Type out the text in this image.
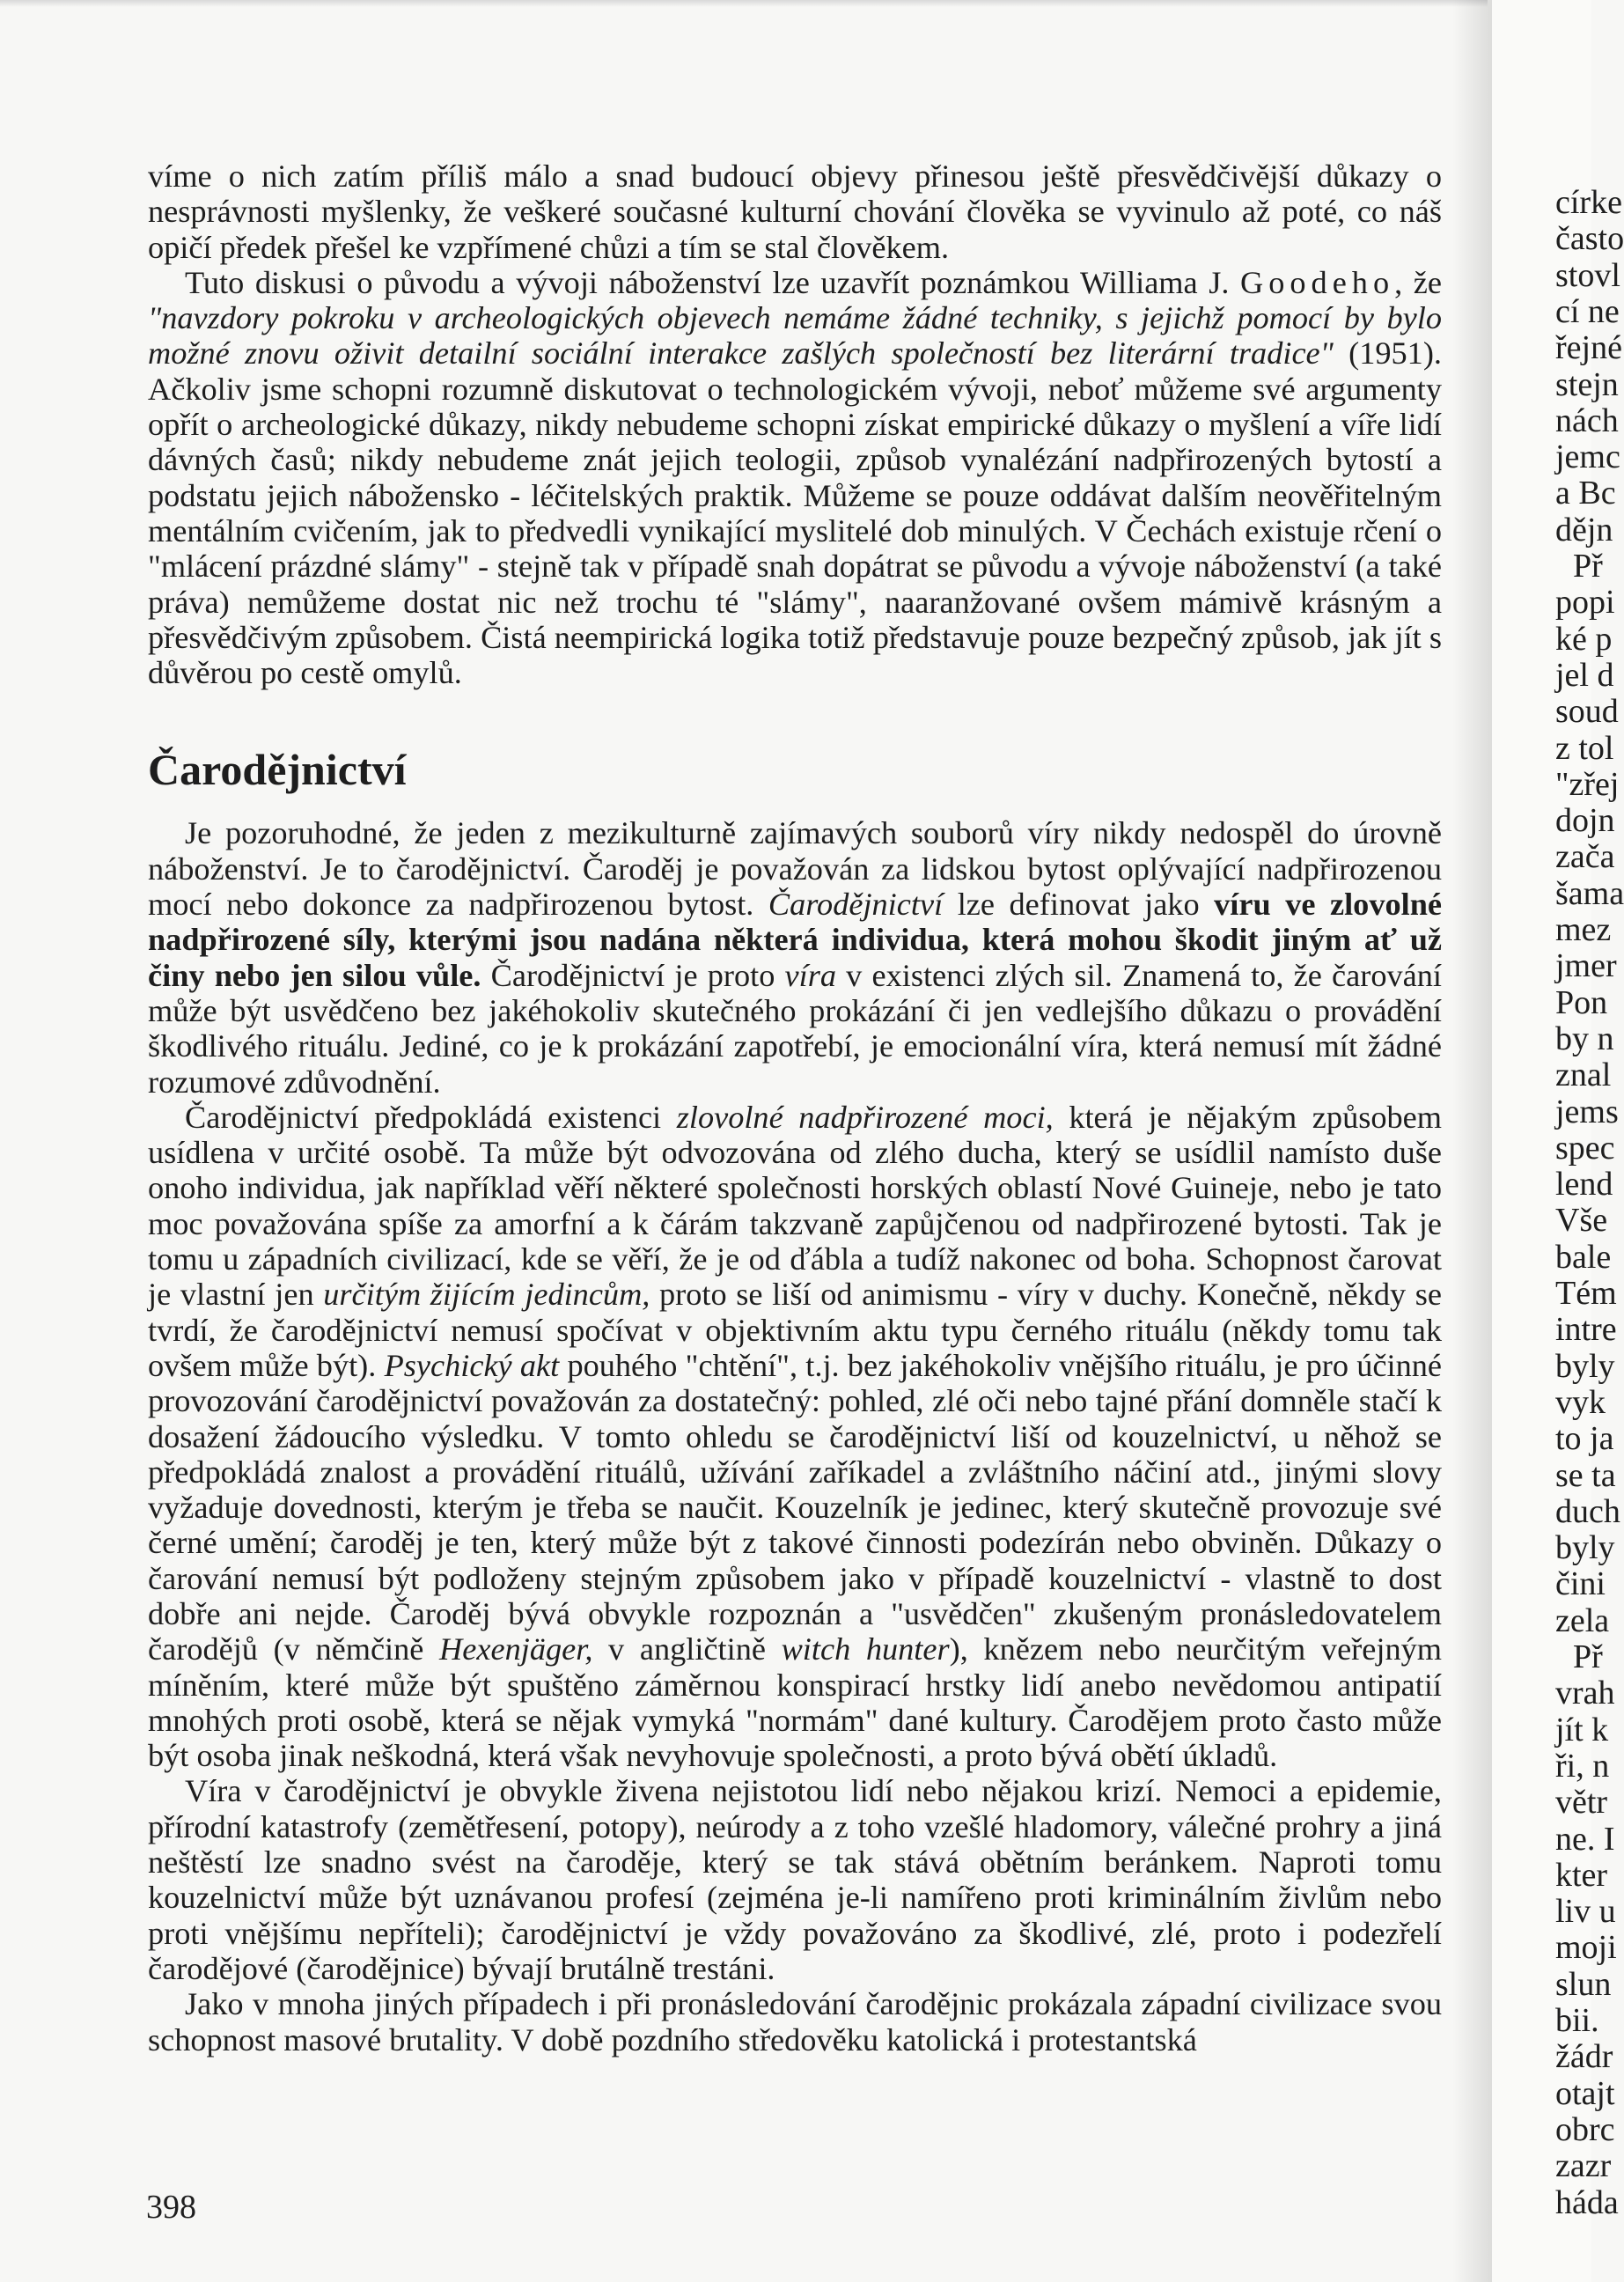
víme o nich zatím příliš málo a snad budoucí objevy přinesou ještě přesvědčivější důkazy o nesprávnosti myšlenky, že veškeré současné kulturní chování člověka se vyvinulo až poté, co náš opičí předek přešel ke vzpřímené chůzi a tím se stal člověkem.

Tuto diskusi o původu a vývoji náboženství lze uzavřít poznámkou Williama J. Goodeho, že "navzdory pokroku v archeologických objevech nemáme žádné techniky, s jejichž pomocí by bylo možné znovu oživit detailní sociální interakce zašlých společností bez literární tradice" (1951). Ačkoliv jsme schopni rozumně diskutovat o technologickém vývoji, neboť můžeme své argumenty opřít o archeologické důkazy, nikdy nebudeme schopni získat empirické důkazy o myšlení a víře lidí dávných časů; nikdy nebudeme znát jejich teologii, způsob vynalézání nadpřirozených bytostí a podstatu jejich náboženskо - léčitelských praktik. Můžeme se pouze oddávat dalším neověřitelným mentálním cvičením, jak to předvedli vynikající myslitelé dob minulých. V Čechách existuje rčení o "mlácení prázdné slámy" - stejně tak v případě snah dopátrat se původu a vývoje náboženství (a také práva) nemůžeme dostat nic než trochu té "slámy", naaranžované ovšem mámivě krásným a přesvědčivým způsobem. Čistá neempirická logika totiž představuje pouze bezpečný způsob, jak jít s důvěrou po cestě omylů.

Čarodějnictví

Je pozoruhodné, že jeden z mezikulturně zajímavých souborů víry nikdy nedospěl do úrovně náboženství. Je to čarodějnictví. Čaroděj je považován za lidskou bytost oplývající nadpřirozenou mocí nebo dokonce za nadpřirozenou bytost. Čarodějnictví lze definovat jako víru ve zlovolné nadpřirozené síly, kterými jsou nadána některá individua, která mohou škodit jiným ať už činy nebo jen silou vůle. Čarodějnictví je proto víra v existenci zlých sil. Znamená to, že čarování může být usvědčeno bez jakéhokoliv skutečného prokázání či jen vedlejšího důkazu o provádění škodlivého rituálu. Jediné, co je k prokázání zapotřebí, je emocionální víra, která nemusí mít žádné rozumové zdůvodnění.

Čarodějnictví předpokládá existenci zlovolné nadpřirozené moci, která je nějakým způsobem usídlena v určité osobě. Ta může být odvozována od zlého ducha, který se usídlil namísto duše onoho individua, jak například věří některé společnosti horských oblastí Nové Guineje, nebo je tato moc považována spíše za amorfní a k čárám takzvaně zapůjčenou od nadpřirozené bytosti. Tak je tomu u západních civilizací, kde se věří, že je od ďábla a tudíž nakonec od boha. Schopnost čarovat je vlastní jen určitým žijícím jedincům, proto se liší od animismu - víry v duchy. Konečně, někdy se tvrdí, že čarodějnictví nemusí spočívat v objektivním aktu typu černého rituálu (někdy tomu tak ovšem může být). Psychický akt pouhého "chtění", t.j. bez jakéhokoliv vnějšího rituálu, je pro účinné provozování čarodějnictví považován za dostatečný: pohled, zlé oči nebo tajné přání domněle stačí k dosažení žádoucího výsledku. V tomto ohledu se čarodějnictví liší od kouzelnictví, u něhož se předpokládá znalost a provádění rituálů, užívání zaříkadel a zvláštního náčiní atd., jinými slovy vyžaduje dovednosti, kterým je třeba se naučit. Kouzelník je jedinec, který skutečně provozuje své černé umění; čaroděj je ten, který může být z takové činnosti podezírán nebo obviněn. Důkazy o čarování nemusí být podloženy stejným způsobem jako v případě kouzelnictví - vlastně to dost dobře ani nejde. Čaroděj bývá obvykle rozpoznán a "usvědčen" zkušeným pronásledovatelem čarodějů (v němčině Hexenjäger, v angličtině witch hunter), knězem nebo neurčitým veřejným míněním, které může být spuštěno záměrnou konspirací hrstky lidí anebo nevědomou antipatií mnohých proti osobě, která se nějak vymyká "normám" dané kultury. Čarodějem proto často může být osoba jinak neškodná, která však nevyhovuje společnosti, a proto bývá obětí úkladů.

Víra v čarodějnictví je obvykle živena nejistotou lidí nebo nějakou krizí. Nemoci a epidemie, přírodní katastrofy (zemětřesení, potopy), neúrody a z toho vzešlé hladomory, válečné prohry a jiná neštěstí lze snadno svést na čaroděje, který se tak stává obětním beránkem. Naproti tomu kouzelnictví může být uznávanou profesí (zejména je-li namířeno proti kriminálním živlům nebo proti vnějšímu nepříteli); čarodějnictví je vždy považováno za škodlivé, zlé, proto i podezřelí čarodějové (čarodějnice) bývají brutálně trestáni.

Jako v mnoha jiných případech i při pronásledování čarodějnic prokázala západní civilizace svou schopnost masové brutality. V době pozdního středověku katolická i protestantská

398
círke
často
stovl
cí ne
řejné
stejn
nách
jemc
a Bc
dějn
Př
popi
ké p
jel d
soud
z tol
"zřej
dojn
zača
šama
mez
jmer
Pon
by n
znal
jems
spec
lend
Vše
bale
Tém
intre
byly
vyk
to ja
se ta
duch
byly
čini
zela
Př
vrah
jít k
ři, n
větr
ne. I
kter
liv u
moji
slun
bii.
žádr
otajt
obrc
zazr
háda
